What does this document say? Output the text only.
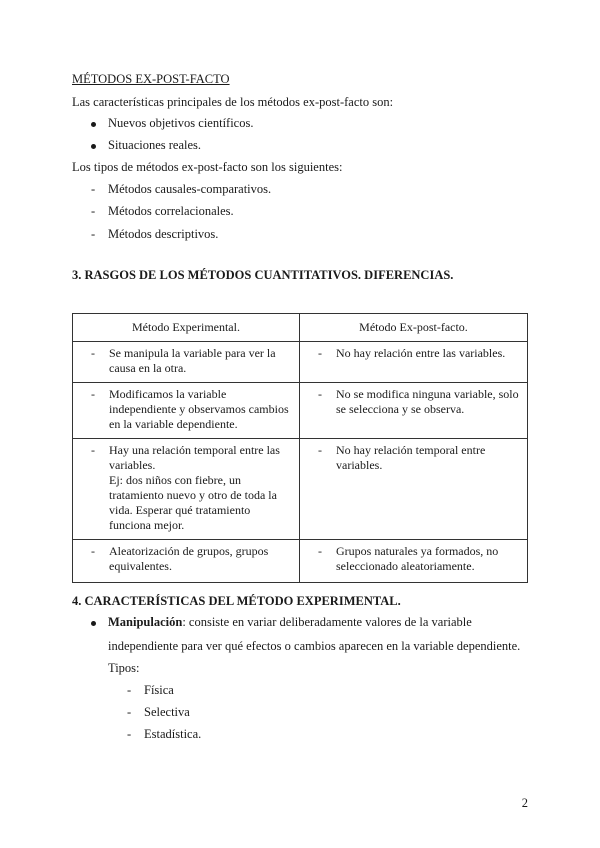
MÉTODOS EX-POST-FACTO
Las características principales de los métodos ex-post-facto son:
Nuevos objetivos científicos.
Situaciones reales.
Los tipos de métodos ex-post-facto son los siguientes:
- Métodos causales-comparativos.
- Métodos correlacionales.
- Métodos descriptivos.
3. RASGOS DE LOS MÉTODOS CUANTITATIVOS. DIFERENCIAS.
Método Experimental.	Método Ex-post-facto.

- Se manipula la variable para ver la causa en la otra.	- No hay relación entre las variables.

- Modificamos la variable independiente y observamos cambios en la variable dependiente.	- No se modifica ninguna variable, solo se selecciona y se observa.

- Hay una relación temporal entre las variables.
Ej: dos niños con fiebre, un tratamiento nuevo y otro de toda la vida. Esperar qué tratamiento funciona mejor.	- No hay relación temporal entre variables.

- Aleatorización de grupos, grupos equivalentes.	- Grupos naturales ya formados, no seleccionado aleatoriamente.
4. CARACTERÍSTICAS DEL MÉTODO EXPERIMENTAL.
Manipulación: consiste en variar deliberadamente valores de la variable
independiente para ver qué efectos o cambios aparecen en la variable dependiente.
Tipos:
- Física
- Selectiva
- Estadística.
2
